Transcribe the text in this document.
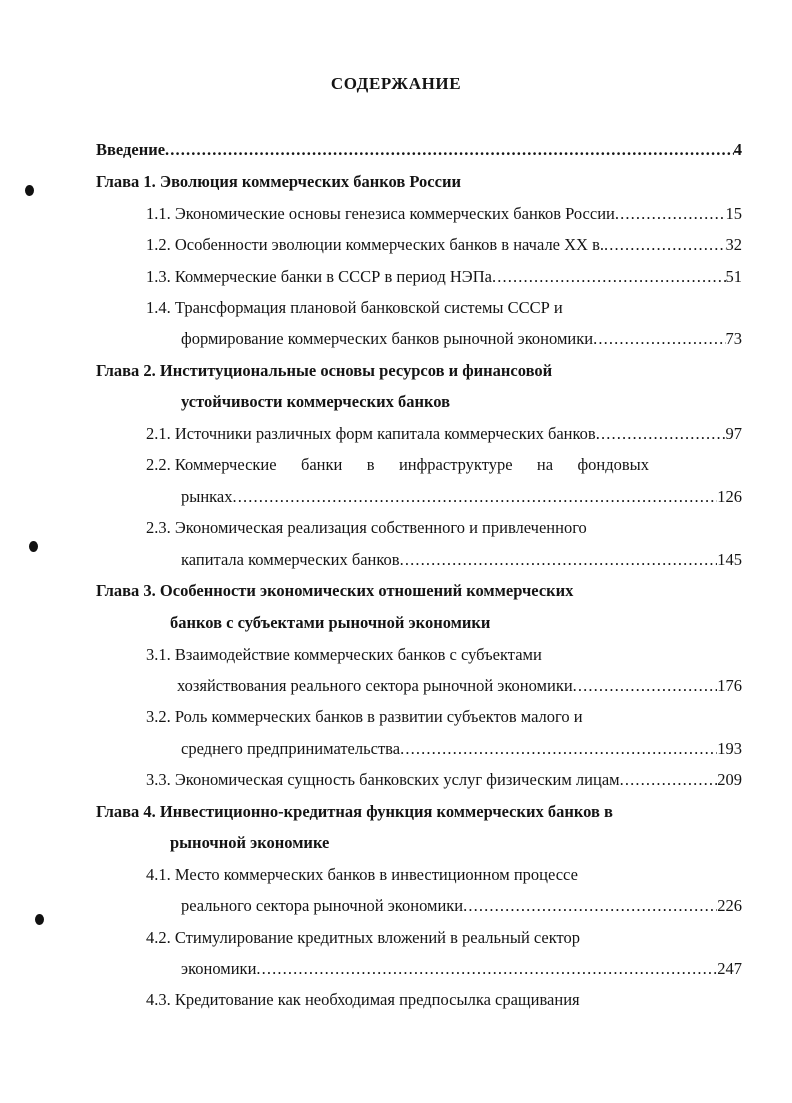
СОДЕРЖАНИЕ
Введение . . .	4
Глава 1. Эволюция коммерческих банков России
1.1. Экономические основы генезиса коммерческих банков России . . .	15
1.2. Особенности эволюции коммерческих банков в начале XX в. . . .	32
1.3. Коммерческие банки в СССР в период НЭПа . . .	51
1.4. Трансформация плановой банковской системы СССР и
формирование коммерческих банков рыночной экономики . . .	73
Глава 2. Институциональные основы ресурсов и финансовой
устойчивости коммерческих банков
2.1. Источники различных форм капитала коммерческих банков . . .	97
2.2. Коммерческие банки в инфраструктуре на фондовых
рынках . . .	126
2.3. Экономическая реализация собственного и привлеченного
капитала коммерческих банков . . .	145
Глава 3. Особенности экономических отношений коммерческих
банков с субъектами рыночной экономики
3.1. Взаимодействие коммерческих банков с субъектами
хозяйствования реального сектора рыночной экономики . . .	176
3.2. Роль коммерческих банков в развитии субъектов малого и
среднего предпринимательства . . .	193
3.3. Экономическая сущность банковских услуг физическим лицам . . .	209
Глава 4. Инвестиционно-кредитная функция коммерческих банков в
рыночной экономике
4.1. Место коммерческих банков в инвестиционном процессе
реального сектора рыночной экономики . . .	226
4.2. Стимулирование кредитных вложений в реальный сектор
экономики . . .	247
4.3. Кредитование как необходимая предпосылка сращивания
